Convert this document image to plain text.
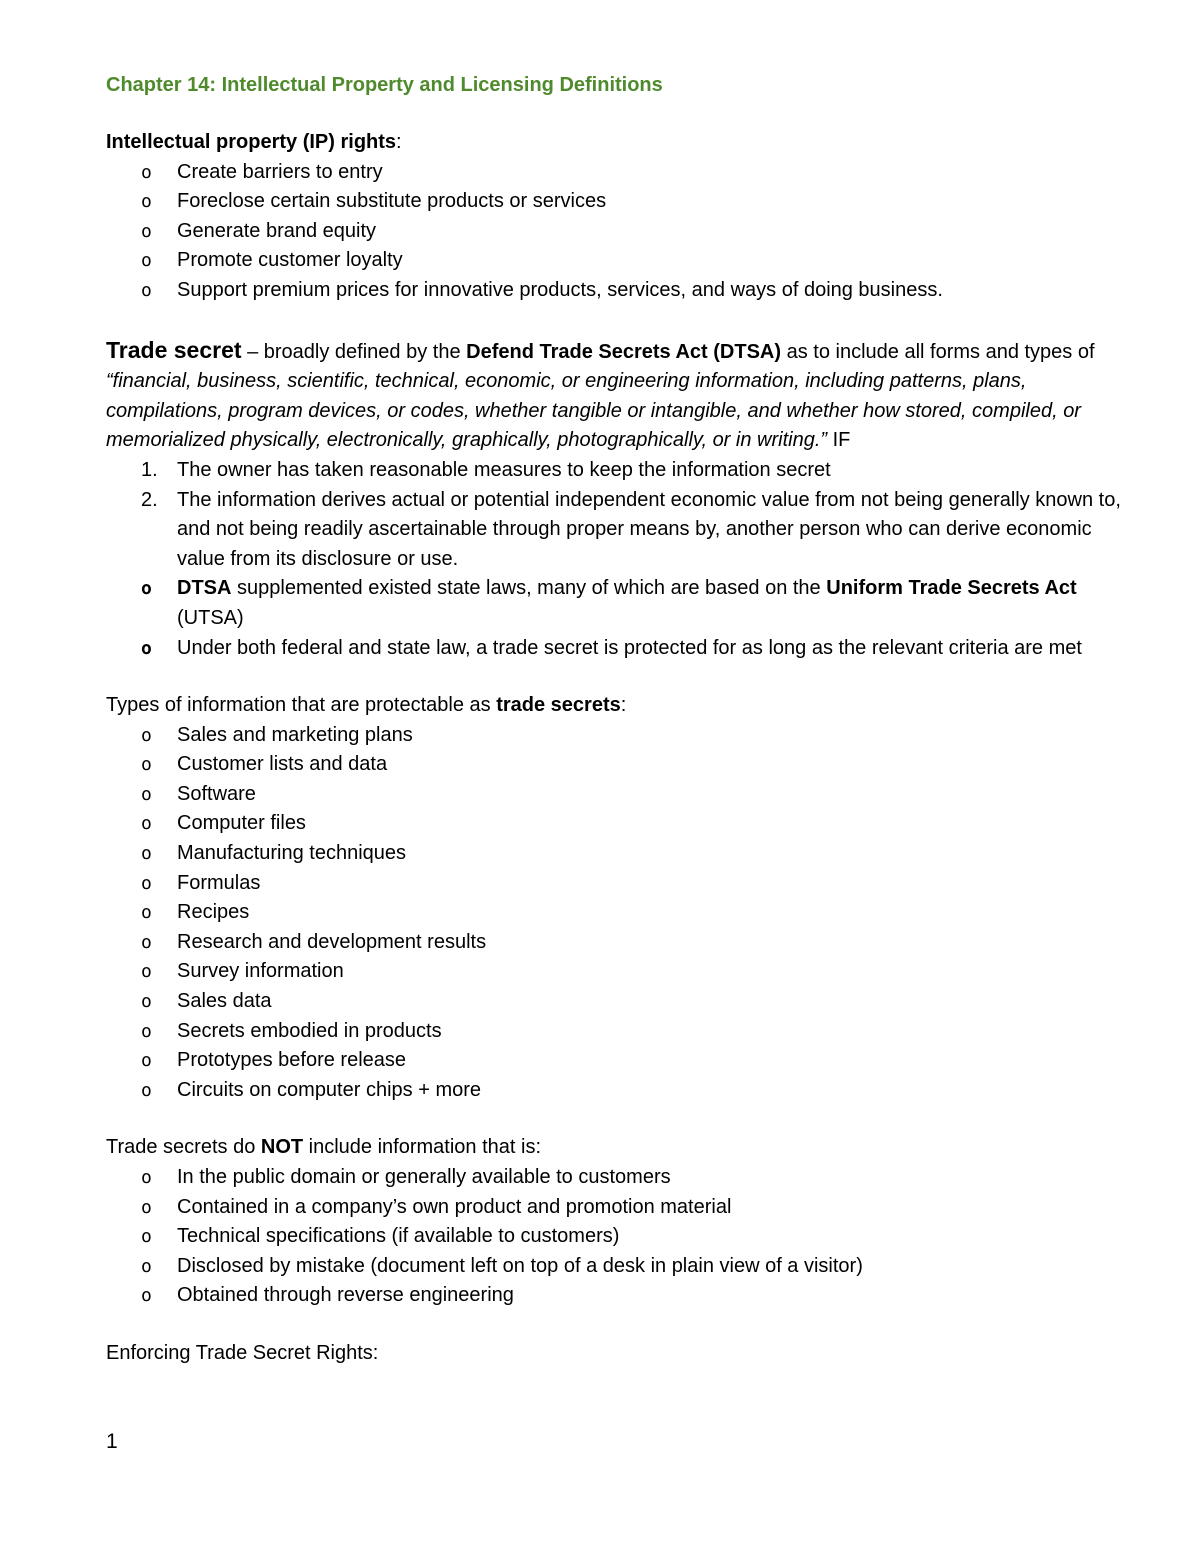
Chapter 14: Intellectual Property and Licensing Definitions

Intellectual property (IP) rights:

o	Create barriers to entry
o	Foreclose certain substitute products or services
o	Generate brand equity
o	Promote customer loyalty
o	Support premium prices for innovative products, services, and ways of doing business.

Trade secret – broadly defined by the Defend Trade Secrets Act (DTSA) as to include all forms and types of “financial, business, scientific, technical, economic, or engineering information, including patterns, plans, compilations, program devices, or codes, whether tangible or intangible, and whether how stored, compiled, or memorialized physically, electronically, graphically, photographically, or in writing.” IF

1. The owner has taken reasonable measures to keep the information secret
2. The information derives actual or potential independent economic value from not being generally known to, and not being readily ascertainable through proper means by, another person who can derive economic value from its disclosure or use.
o	DTSA supplemented existed state laws, many of which are based on the Uniform Trade Secrets Act (UTSA)
o	Under both federal and state law, a trade secret is protected for as long as the relevant criteria are met

Types of information that are protectable as trade secrets:

o	Sales and marketing plans
o	Customer lists and data
o	Software
o	Computer files
o	Manufacturing techniques
o	Formulas
o	Recipes
o	Research and development results
o	Survey information
o	Sales data
o	Secrets embodied in products
o	Prototypes before release
o	Circuits on computer chips + more

Trade secrets do NOT include information that is:

o	In the public domain or generally available to customers
o	Contained in a company’s own product and promotion material
o	Technical specifications (if available to customers)
o	Disclosed by mistake (document left on top of a desk in plain view of a visitor)
o	Obtained through reverse engineering

Enforcing Trade Secret Rights:

1
